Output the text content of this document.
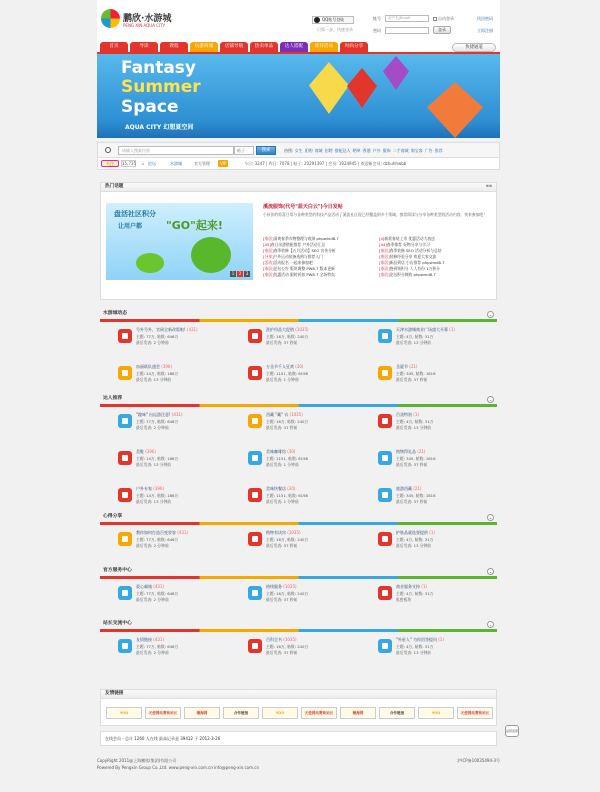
鹏欣·水游城
PENG XIN·AQUA CITY
QQ账号登陆
只需一步，快速登录
帐号	用户名/Email	自动登录	找回密码
密码	登录	立即注册
快捷通道
首页	导读	教程	玩游商城	店铺导航	热卖单品	达人搭配	推荐活动	时尚分享
Fantasy
Summer
Space
AQUA CITY 幻想夏空间
请输入搜索内容	帖子	搜索	热搜: 女生 团购 商城 招聘 搭配达人 晒单 香港 户外 服饰 二手商城 淘宝客 广告 推荐
关注	15,735 ⌂ 论坛	水游城	官方管理	VIP	今日: 3247 | 昨日: 7078 | 帖子: 20291397 | 会员: 1924945 | 欢迎新会员: dzhuhhwbb
热门话题	▪▪
盘活社区积分
让用户都 "GO"起来!
1	2	3
溪流服饰(代号"蓝天白云")今日发帖
小伙伴的惊喜日常与各种类型的科技产品活动了溪流社区现已经覆盖到多个领域，推荐阅读与分享各种类型的活动内容，快来参加吧！
[家居]清爽春季衣物整理与收纳 phpwind8.7	[4]新款春装上市 优惠活动大放送
[45]春日出游搭配推荐 户外活动汇总	[44]春季推荐 好物分享与学习
[家居]春季装修【五月活动】SEO 宣传分析	[家居]春季装修 SEO 活动分析与总结
[分享]户外运动装备选购与推荐入门	[家居]装修经验分享 欢迎大家交流
[活动]活动报名 一起来参加吧	[家居]新品到店 小店推荐 phpwind8.7
[家居]论坛公告 版块调整 PW8.7 版本更新	[家居]签到领积分 人人有份 1万积分
[家居]优惠活动 限时折扣 PW8.7 全场特卖	[家居]论坛积分换购 phpwind8.7
水游城动态	⌄
号外号外，官网全新改版啦! (431)
主题: 77万, 帖数: 646万
最后发表: 2 分钟前
洗护用品大促销 (1035)
主题: 16万, 帖数: 240万
最后发表: 37 秒前
天津水游城商业广场盛大开幕 (1)
主题: 4万, 帖数: 31万
最后发表: 13 分钟前
血丽联队盛会 (396)
主题: 14万, 帖数: 186万
最后发表: 13 分钟前
万圣节千人狂欢 (30)
主题: 1151, 帖数: 6198
最后发表: 1 分钟前
圣诞节 (21)
主题: 345, 帖数: 1816
最后发表: 37 秒前
达人推荐	⌄
"趣味" 出远游注意! (431)
主题: 77万, 帖数: 646万
最后发表: 2 分钟前
西藏 "藏" 衣 (1035)
主题: 16万, 帖数: 240万
最后发表: 37 秒前
百货特别 (1)
主题: 4万, 帖数: 31万
最后发表: 13 分钟前
美鞋 (396)
主题: 14万, 帖数: 186万
最后发表: 13 分钟前
美味咖啡馆 (30)
主题: 1151, 帖数: 6198
最后发表: 1 分钟前
购物得礼品 (21)
主题: 345, 帖数: 1816
最后发表: 37 秒前
户外专家 (396)
主题: 14万, 帖数: 186万
最后发表: 13 分钟前
美味快餐店 (30)
主题: 1151, 帖数: 6198
最后发表: 1 分钟前
旅游西藏 (21)
主题: 345, 帖数: 1816
最后发表: 37 秒前
心得分享	⌄
教你如何打造百变妆容 (431)
主题: 77万, 帖数: 646万
最后发表: 2 分钟前
购物有诀窍 (1035)
主题: 16万, 帖数: 240万
最后发表: 37 秒前
护肤品就选要提供 (1)
主题: 4万, 帖数: 31万
最后发表: 13 分钟前
官方服务中心	⌄
爱心邮箱 (431)
主题: 77万, 帖数: 646万
最后发表: 2 分钟前
热线服务 (1035)
主题: 16万, 帖数: 240万
最后发表: 37 秒前
商业服务支持 (1)
主题: 4万, 帖数: 31万
私密板块
站长交流中心	⌄
友情链接 (431)
主题: 77万, 帖数: 646万
最后发表: 2 分钟前
百科全书 (1035)
主题: 16万, 帖数: 240万
最后发表: 37 秒前
"外星人" 为你回答提问 (1)
主题: 4万, 帖数: 31万
最后发表: 13 分钟前
友情链接
YOO	天使网站赞助站长	聚淘网	合作链接	YOO	天使网站赞助站长	聚淘网	合作链接	YOO	天使网站赞助站长
在线会员 - 总计 1260 人在线 最高记录是 39412 于 2012-3-26
CopyRight 2011@上海鹏欣(集团)有限公司
Powered By Pengxin Group Co.,Ltd. www.peng-xin.com.cn info@peng-xin.com.cn
沪ICP备10035494-3号
返回顶部
